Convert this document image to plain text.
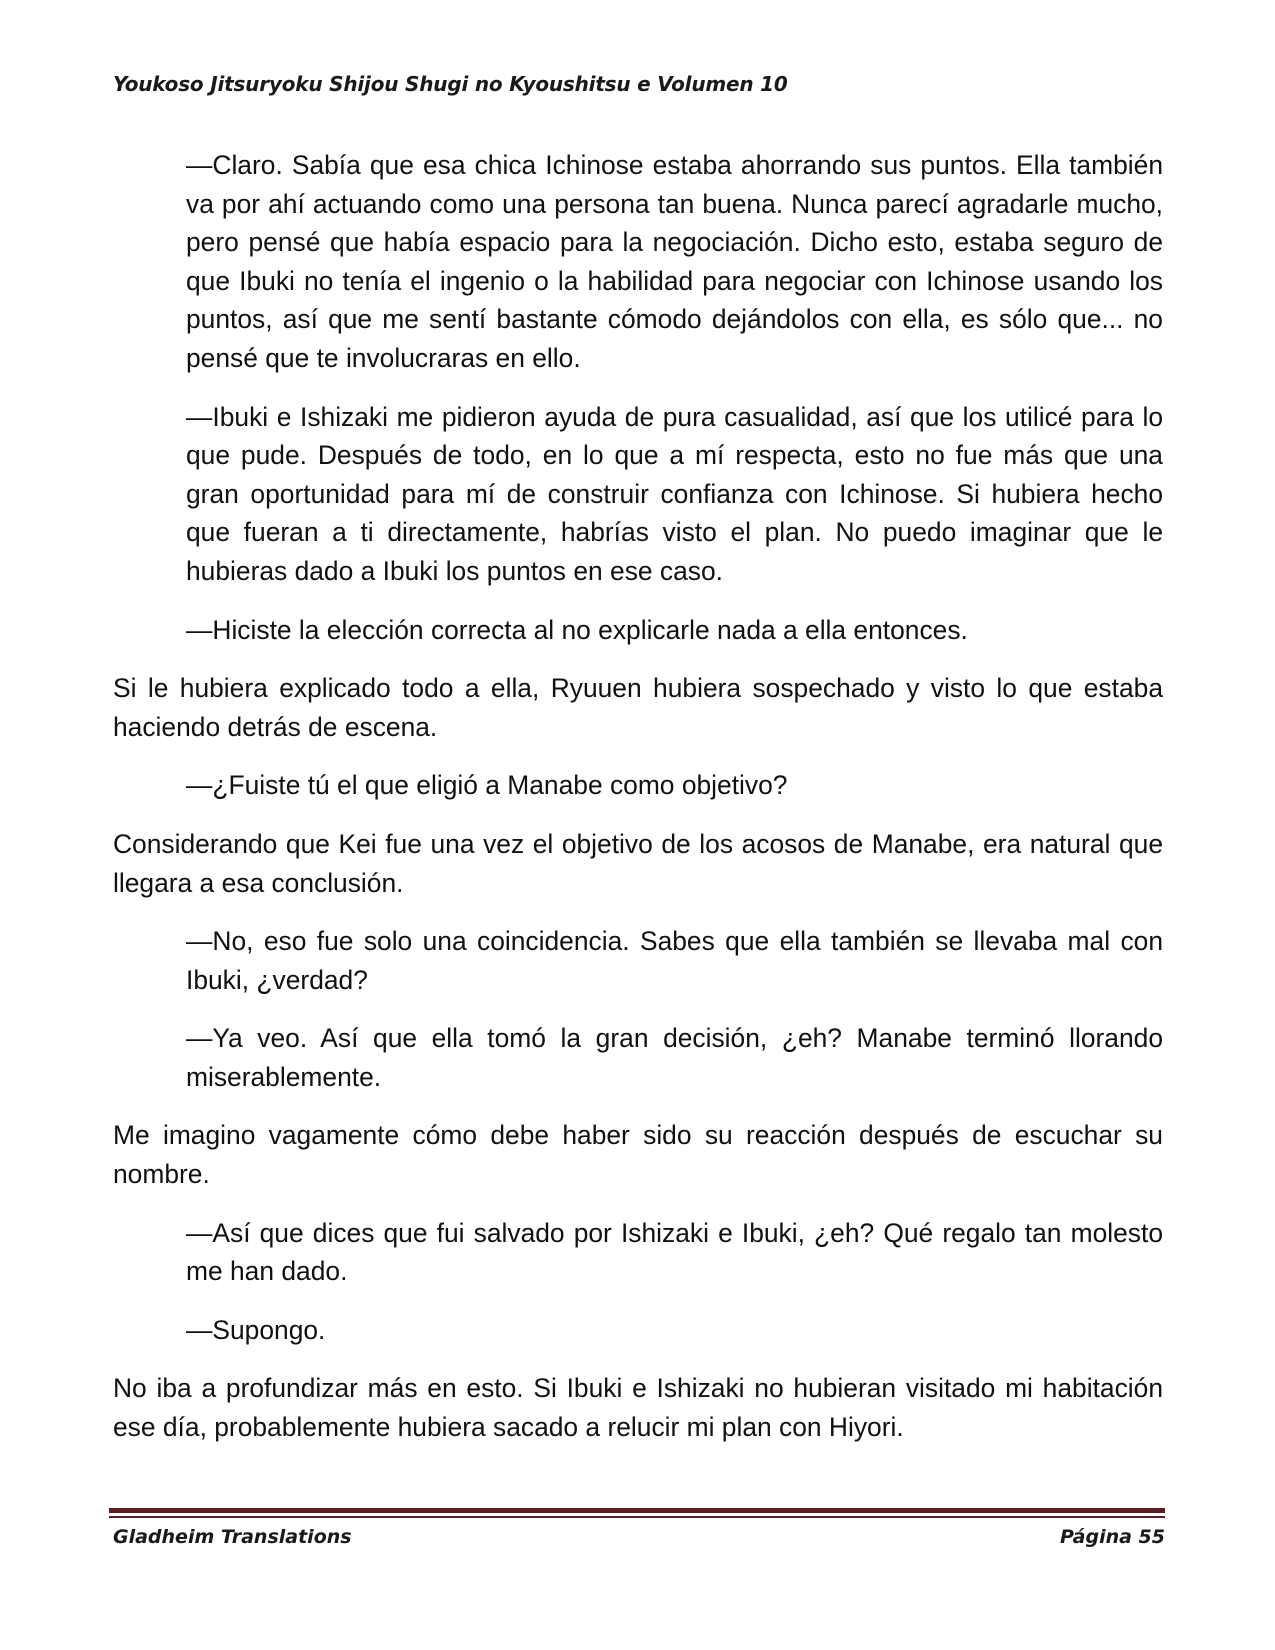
Youkoso Jitsuryoku Shijou Shugi no Kyoushitsu e Volumen 10

—Claro. Sabía que esa chica Ichinose estaba ahorrando sus puntos. Ella también va por ahí actuando como una persona tan buena. Nunca parecí agradarle mucho, pero pensé que había espacio para la negociación. Dicho esto, estaba seguro de que Ibuki no tenía el ingenio o la habilidad para negociar con Ichinose usando los puntos, así que me sentí bastante cómodo dejándolos con ella, es sólo que... no pensé que te involucraras en ello.

—Ibuki e Ishizaki me pidieron ayuda de pura casualidad, así que los utilicé para lo que pude. Después de todo, en lo que a mí respecta, esto no fue más que una gran oportunidad para mí de construir confianza con Ichinose. Si hubiera hecho que fueran a ti directamente, habrías visto el plan. No puedo imaginar que le hubieras dado a Ibuki los puntos en ese caso.

—Hiciste la elección correcta al no explicarle nada a ella entonces.

Si le hubiera explicado todo a ella, Ryuuen hubiera sospechado y visto lo que estaba haciendo detrás de escena.

—¿Fuiste tú el que eligió a Manabe como objetivo?

Considerando que Kei fue una vez el objetivo de los acosos de Manabe, era natural que llegara a esa conclusión.

—No, eso fue solo una coincidencia. Sabes que ella también se llevaba mal con Ibuki, ¿verdad?

—Ya veo. Así que ella tomó la gran decisión, ¿eh? Manabe terminó llorando miserablemente.

Me imagino vagamente cómo debe haber sido su reacción después de escuchar su nombre.

—Así que dices que fui salvado por Ishizaki e Ibuki, ¿eh? Qué regalo tan molesto me han dado.

—Supongo.

No iba a profundizar más en esto. Si Ibuki e Ishizaki no hubieran visitado mi habitación ese día, probablemente hubiera sacado a relucir mi plan con Hiyori.

Gladheim Translations	Página 55
